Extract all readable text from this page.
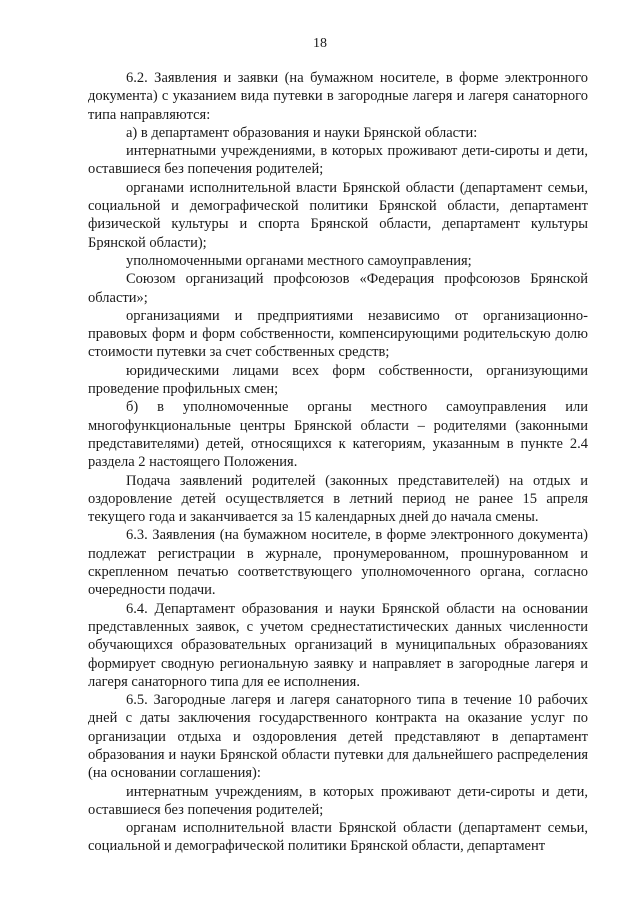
18

6.2. Заявления и заявки (на бумажном носителе, в форме электронного документа) с указанием вида путевки в загородные лагеря и лагеря санаторного типа направляются:

а) в департамент образования и науки Брянской области:

интернатными учреждениями, в которых проживают дети-сироты и дети, оставшиеся без попечения родителей;

органами исполнительной власти Брянской области (департамент семьи, социальной и демографической политики Брянской области, департамент физической культуры и спорта Брянской области, департамент культуры Брянской области);

уполномоченными органами местного самоуправления;

Союзом организаций профсоюзов «Федерация профсоюзов Брянской области»;

организациями и предприятиями независимо от организационно-правовых форм и форм собственности, компенсирующими родительскую долю стоимости путевки за счет собственных средств;

юридическими лицами всех форм собственности, организующими проведение профильных смен;

б) в уполномоченные органы местного самоуправления или многофункциональные центры Брянской области – родителями (законными представителями) детей, относящихся к категориям, указанным в пункте 2.4 раздела 2 настоящего Положения.

Подача заявлений родителей (законных представителей) на отдых и оздоровление детей осуществляется в летний период не ранее 15 апреля текущего года и заканчивается за 15 календарных дней до начала смены.

6.3. Заявления (на бумажном носителе, в форме электронного документа) подлежат регистрации в журнале, пронумерованном, прошнурованном и скрепленном печатью соответствующего уполномоченного органа, согласно очередности подачи.

6.4. Департамент образования и науки Брянской области на основании представленных заявок, с учетом среднестатистических данных численности обучающихся образовательных организаций в муниципальных образованиях формирует сводную региональную заявку и направляет в загородные лагеря и лагеря санаторного типа для ее исполнения.

6.5. Загородные лагеря и лагеря санаторного типа в течение 10 рабочих дней с даты заключения государственного контракта на оказание услуг по организации отдыха и оздоровления детей представляют в департамент образования и науки Брянской области путевки для дальнейшего распределения (на основании соглашения):

интернатным учреждениям, в которых проживают дети-сироты и дети, оставшиеся без попечения родителей;

органам исполнительной власти Брянской области (департамент семьи, социальной и демографической политики Брянской области, департамент
